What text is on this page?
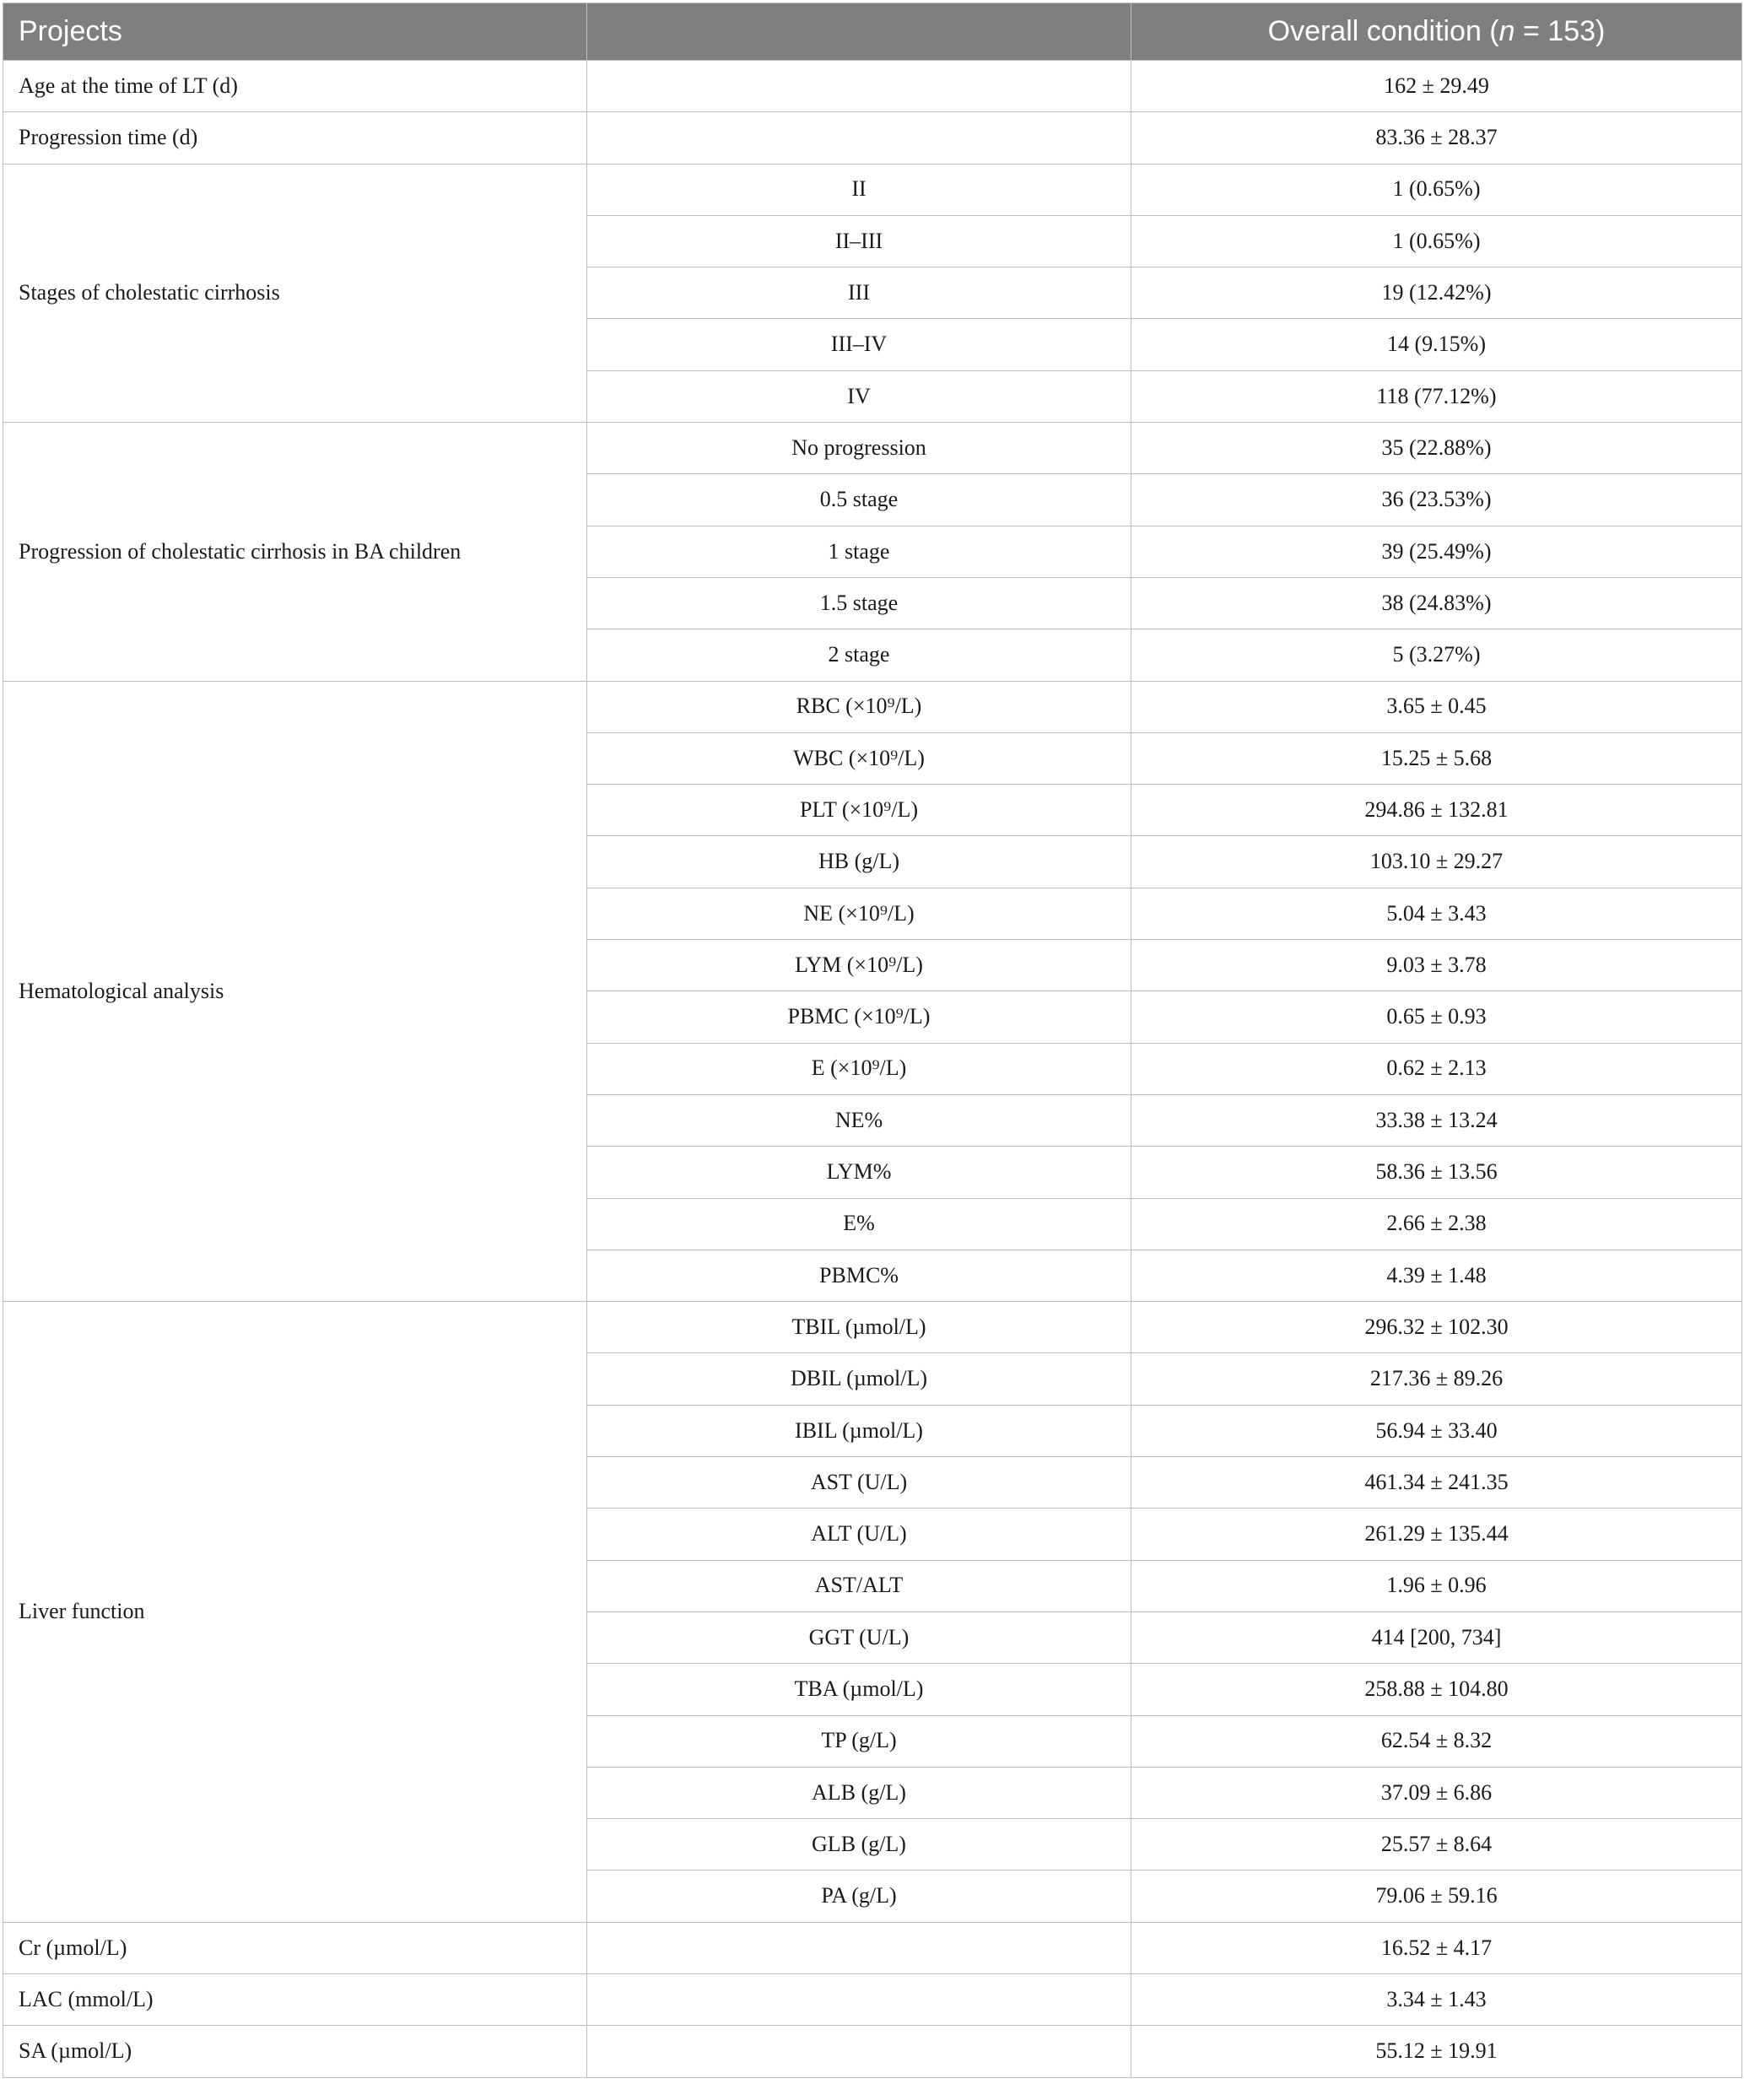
Projects		Overall condition (n = 153)
Age at the time of LT (d)		162 ± 29.49
Progression time (d)		83.36 ± 28.37
Stages of cholestatic cirrhosis	II	1 (0.65%)
	II–III	1 (0.65%)
	III	19 (12.42%)
	III–IV	14 (9.15%)
	IV	118 (77.12%)
Progression of cholestatic cirrhosis in BA children	No progression	35 (22.88%)
	0.5 stage	36 (23.53%)
	1 stage	39 (25.49%)
	1.5 stage	38 (24.83%)
	2 stage	5 (3.27%)
Hematological analysis	RBC (×10⁹/L)	3.65 ± 0.45
	WBC (×10⁹/L)	15.25 ± 5.68
	PLT (×10⁹/L)	294.86 ± 132.81
	HB (g/L)	103.10 ± 29.27
	NE (×10⁹/L)	5.04 ± 3.43
	LYM (×10⁹/L)	9.03 ± 3.78
	PBMC (×10⁹/L)	0.65 ± 0.93
	E (×10⁹/L)	0.62 ± 2.13
	NE%	33.38 ± 13.24
	LYM%	58.36 ± 13.56
	E%	2.66 ± 2.38
	PBMC%	4.39 ± 1.48
Liver function	TBIL (µmol/L)	296.32 ± 102.30
	DBIL (µmol/L)	217.36 ± 89.26
	IBIL (µmol/L)	56.94 ± 33.40
	AST (U/L)	461.34 ± 241.35
	ALT (U/L)	261.29 ± 135.44
	AST/ALT	1.96 ± 0.96
	GGT (U/L)	414 [200, 734]
	TBA (µmol/L)	258.88 ± 104.80
	TP (g/L)	62.54 ± 8.32
	ALB (g/L)	37.09 ± 6.86
	GLB (g/L)	25.57 ± 8.64
	PA (g/L)	79.06 ± 59.16
Cr (µmol/L)		16.52 ± 4.17
LAC (mmol/L)		3.34 ± 1.43
SA (µmol/L)		55.12 ± 19.91
